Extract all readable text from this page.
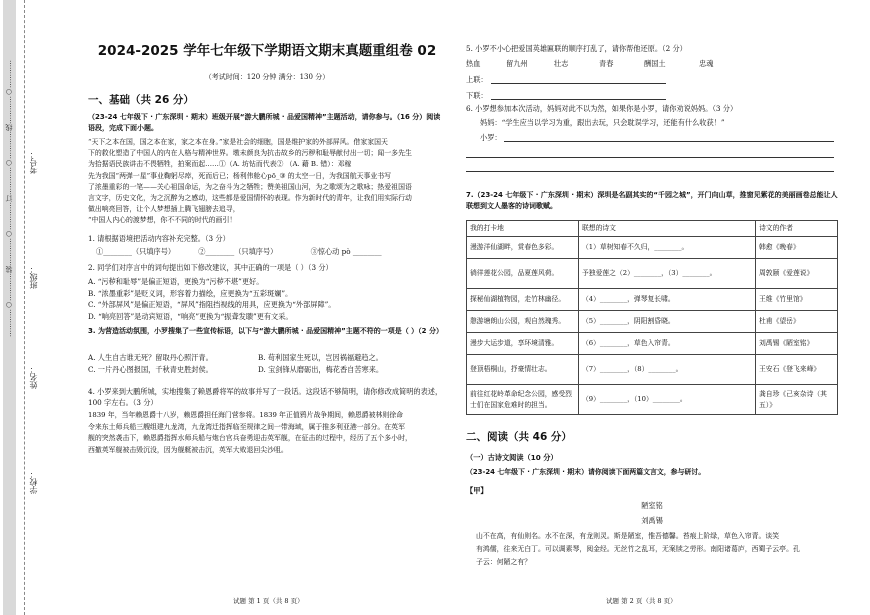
…………○…………装…………○…………订…………○…………线…………○…………
学校：
姓名：
班级：
考号：
2024-2025 学年七年级下学期语文期末真题重组卷 02
（考试时间：120 分钟 满分：130 分）
一、基础（共 26 分）
（23-24 七年级下 · 广东深圳 · 期末）班级开展“游大鹏所城 · 品爱国精神”主题活动，请你参与。（16 分）阅读语段，完成下面小题。
“天下之本在国，国之本在家，家之本在身。”家是社会的细胞，国是维护家的外部屏风。借家家国天
下的救化塑造了中国人的内在人格与精神世界。墩未颜良为抗击故乡的污秽和耻辱献付出一切；闻一多先生
为拾据语民族讲击不畏牺牲，拍案而起……①（A. 坊钻而代表② （A. 藉 B. 错）：邓稼
先为我国“两弹一星”事业鞠躬尽瘁，死而后已；杨利伟舱心pō_③ 的太空一日，为我国航天事业书写
了浓墨重彩的一笔——关心祖国命运，为之奋斗为之牺牲；赞美祖国山河，为之歌颂为之歌咏；热爱祖国语
言文字，历史文化，为之沉醉为之感动，这些都是爱国情怀的表现。作为新时代的青年，让我们用实际行动
做出响亮回答，让个人梦想插上腾飞翅膀去追寻，
“中国人内心的渡梦想，你不不同的时代的画引！
1. 请根据语境把活动内容补充完整。（3 分）
①________（只填序号）	②________（只填序号）	③惊心动 pò ________
2. 同学们对序言中的词句提出如下修改建议，其中正确的一项是（ ）（3 分）
A. “污秽和耻辱”是偏正短语，更换为“污秽不堪”更好。
B. “浓墨重彩”是贬义词，形容着力描绘，应更换为“五彩斑斓”。
C. “外部屏风”是偏正短语，“屏风”指阻挡视线的用具，应更换为“外部屏障”。
D. “响亮回答”是动宾短语，“响亮”更换为“振聋发聩”更有文采。
3. 为营造活动氛围，小罗搜集了一些宣传标语，以下与“游大鹏所城 · 品爱国精神”主题不符的一项是（ ）（2 分）
A. 人生自古谁无死？留取丹心照汗青。	B. 苟利国家生死以，岂因祸福避趋之。
C. 一片丹心图报国，千秋青史胜封侯。	D. 宝剑锋从磨砺出，梅花香自苦寒来。
4. 小罗来到大鹏所城，实地搜集了赖恩爵将军的故事并写了一段话。这段话不够简明，请你修改成简明的表述，100 字左右。（3 分）
1839 年，当年赖恩爵十八岁，赖恩爵担任海门营参将。1839 年正值鸦片战争期间，赖恩爵被林则徐命
令来东土师兵船三艘组建九龙湾，九龙湾迁指挥临至规律之间一带海域，属于推多利亚港一部分。在英军
舰的突然袭击下，赖恩爵指挥水师兵船与炮台官兵奋勇迎击英军舰，在征击的过程中，经历了五个多小时，
西撤英军舰被击毁沉没，因为舰艇被击沉，英军大败退回尖沙咀。
试题 第 1 页（共 8 页）
5. 小罗不小心把爱国英雄匾联的顺序打乱了，请你帮他还原。（2 分）
热血	留九州	壮志	青春	酬国土	忠魂
上联：
下联：
6. 小罗想参加本次活动，妈妈对此不以为然，如果你是小罗，请你劝说妈妈。（3 分）
妈妈：“学生应当以学习为重，跟出去玩，只会耽误学习，还能有什么收获！”
小罗：
7.（23-24 七年级下 · 广东深圳 · 期末）深圳是名副其实的“千园之城”，开门向山草，推窗见紫花的美丽画卷总能让人联想到文人墨客的诗词歌赋。
我的打卡地	联想的诗文	诗文的作者
漫游洋仙湖畔，赏春色多彩。	（1）草树知春不久归，________。	韩愈《晚春》
徜徉莲花公园，品夏莲风荷。	予独爱莲之（2）________，（3）________。	周敦颐《爱莲说》
探秘仙湖植物园，走竹林幽径。	（4）________，弹琴复长啸。	王维《竹里馆》
憩游塘朗山公园，观自然瑰秀。	（5）________，阴阳割昏晓。	杜甫《望岳》
漫步大运步道，享环境清雅。	（6）________，草色入帘青。	刘禹锡《陋室铭》
登顶梧桐山，抒豪情壮志。	（7）________，（8）________。	王安石《登飞来峰》
前往红花岭革命纪念公园，感受烈士们在国家危难时的担当。	（9）________，（10）________。	龚自珍《己亥杂诗（其五）》
二、阅读（共 46 分）
（一）古诗文阅读（10 分）
（23-24 七年级下 · 广东深圳 · 期末）请你阅读下面两篇文言文，参与研讨。
【甲】
陋室铭
刘禹锡
山不在高，有仙则名。水不在深，有龙则灵。斯是陋室，惟吾德馨。苔痕上阶绿，草色入帘青。谈笑
有鸿儒，往来无白丁。可以调素琴，阅金经。无丝竹之乱耳，无案牍之劳形。南阳诸葛庐，西蜀子云亭。孔
子云：何陋之有？
试题 第 2 页（共 8 页）
